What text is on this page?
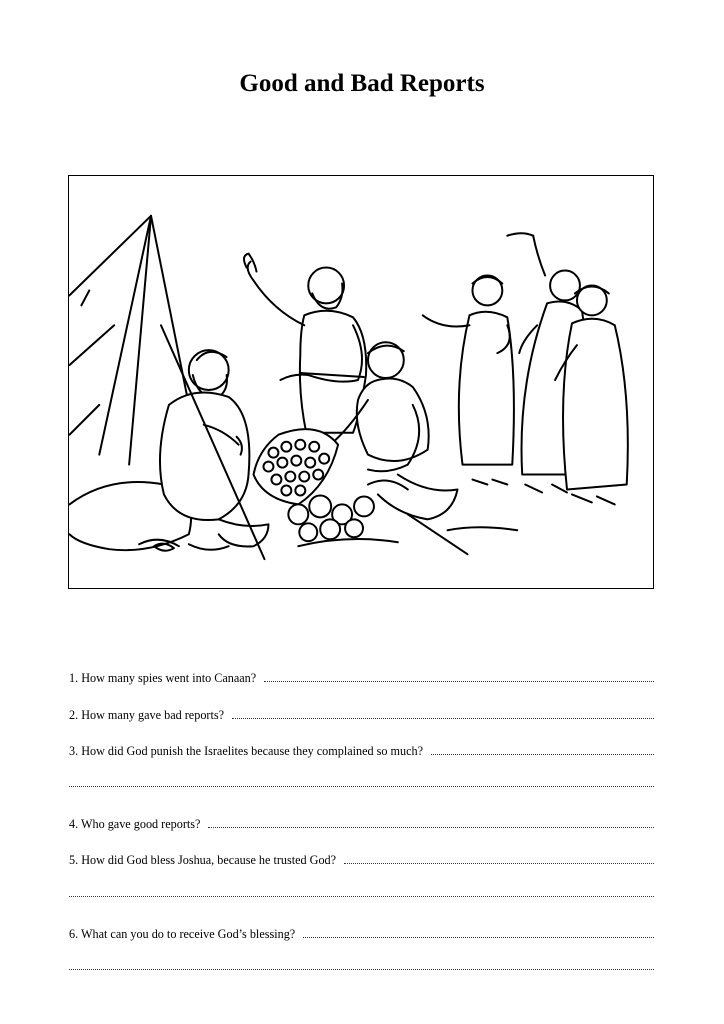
Good and Bad Reports
1. How many spies went into Canaan?
2. How many gave bad reports?
3. How did God punish the Israelites because they complained so much?
4. Who gave good reports?
5. How did God bless Joshua, because he trusted God?
6. What can you do to receive God’s blessing?
